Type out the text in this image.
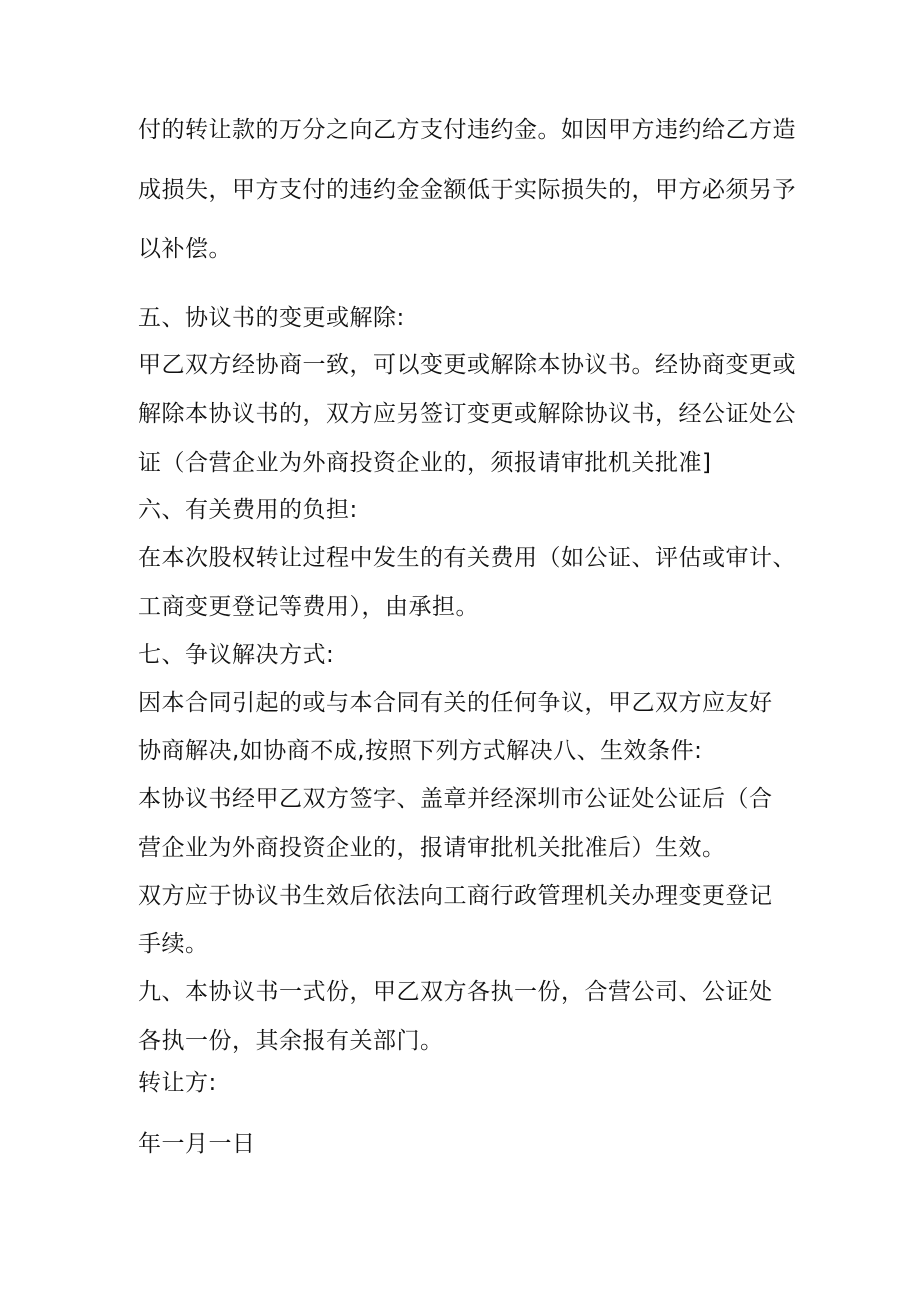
付的转让款的万分之向乙方支付违约金。如因甲方违约给乙方造
成损失，甲方支付的违约金金额低于实际损失的，甲方必须另予
以补偿。
五、协议书的变更或解除:
甲乙双方经协商一致，可以变更或解除本协议书。经协商变更或
解除本协议书的，双方应另签订变更或解除协议书，经公证处公
证（合营企业为外商投资企业的，须报请审批机关批准]
六、有关费用的负担:
在本次股权转让过程中发生的有关费用（如公证、评估或审计、
工商变更登记等费用），由承担。
七、争议解决方式:
因本合同引起的或与本合同有关的任何争议，甲乙双方应友好
协商解决,如协商不成,按照下列方式解决八、生效条件:
本协议书经甲乙双方签字、盖章并经深圳市公证处公证后（合
营企业为外商投资企业的，报请审批机关批准后）生效。
双方应于协议书生效后依法向工商行政管理机关办理变更登记
手续。
九、本协议书一式份，甲乙双方各执一份，合营公司、公证处
各执一份，其余报有关部门。
转让方:
年一月一日
